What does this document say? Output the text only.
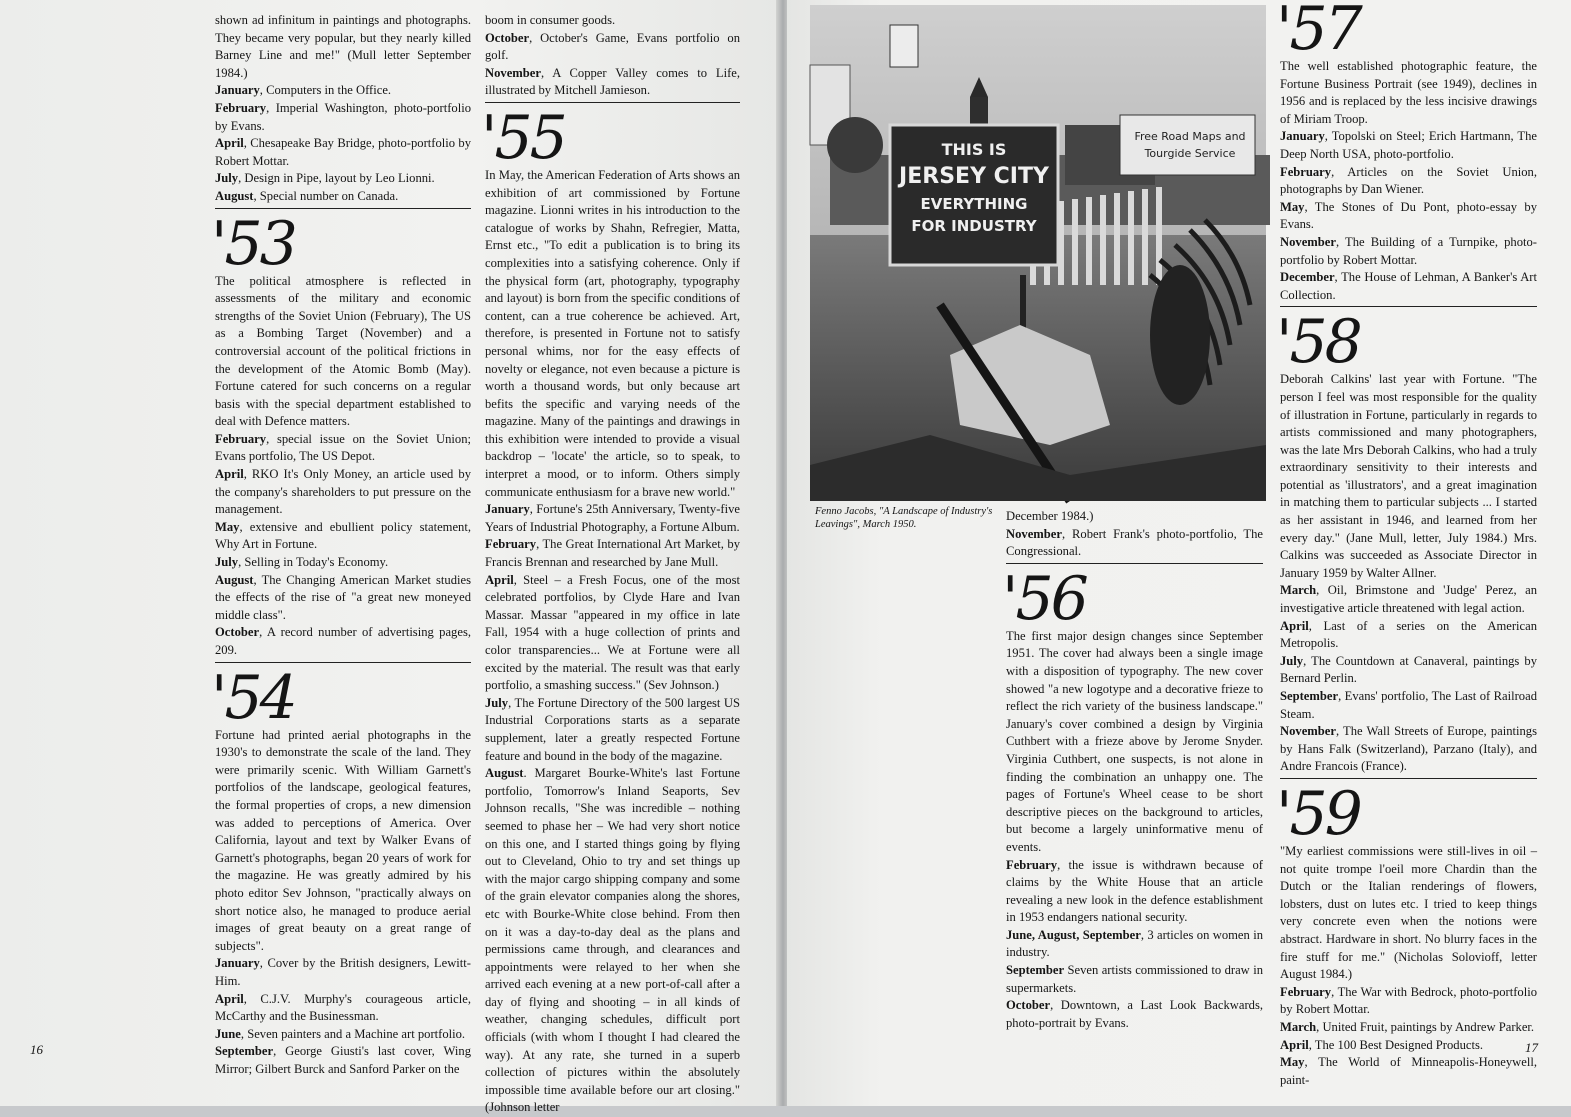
shown ad infinitum in paintings and photographs. They became very popular, but they nearly killed Barney Line and me!" (Mull letter September 1984.)

January, Computers in the Office.

February, Imperial Washington, photo-portfolio by Evans.

April, Chesapeake Bay Bridge, photo-portfolio by Robert Mottar.

July, Design in Pipe, layout by Leo Lionni.

August, Special number on Canada.

'53

The political atmosphere is reflected in assessments of the military and economic strengths of the Soviet Union (February), The US as a Bombing Target (November) and a controversial account of the political frictions in the development of the Atomic Bomb (May). Fortune catered for such concerns on a regular basis with the special department established to deal with Defence matters.

February, special issue on the Soviet Union; Evans portfolio, The US Depot.

April, RKO It's Only Money, an article used by the company's shareholders to put pressure on the management.

May, extensive and ebullient policy statement, Why Art in Fortune.

July, Selling in Today's Economy.

August, The Changing American Market studies the effects of the rise of "a great new moneyed middle class".

October, A record number of advertising pages, 209.

'54

Fortune had printed aerial photographs in the 1930's to demonstrate the scale of the land. They were primarily scenic. With William Garnett's portfolios of the landscape, geological features, the formal properties of crops, a new dimension was added to perceptions of America. Over California, layout and text by Walker Evans of Garnett's photographs, began 20 years of work for the magazine. He was greatly admired by his photo editor Sev Johnson, "practically always on short notice also, he managed to produce aerial images of great beauty on a great range of subjects".

January, Cover by the British designers, Lewitt-Him.

April, C.J.V. Murphy's courageous article, McCarthy and the Businessman.

June, Seven painters and a Machine art portfolio.

September, George Giusti's last cover, Wing Mirror; Gilbert Burck and Sanford Parker on the

boom in consumer goods.

October, October's Game, Evans portfolio on golf.

November, A Copper Valley comes to Life, illustrated by Mitchell Jamieson.

'55

In May, the American Federation of Arts shows an exhibition of art commissioned by Fortune magazine. Lionni writes in his introduction to the catalogue of works by Shahn, Refregier, Matta, Ernst etc., "To edit a publication is to bring its complexities into a satisfying coherence. Only if the physical form (art, photography, typography and layout) is born from the specific conditions of content, can a true coherence be achieved. Art, therefore, is presented in Fortune not to satisfy personal whims, nor for the easy effects of novelty or elegance, not even because a picture is worth a thousand words, but only because art befits the specific and varying needs of the magazine. Many of the paintings and drawings in this exhibition were intended to provide a visual backdrop – 'locate' the article, so to speak, to interpret a mood, or to inform. Others simply communicate enthusiasm for a brave new world."

January, Fortune's 25th Anniversary, Twenty-five Years of Industrial Photography, a Fortune Album.

February, The Great International Art Market, by Francis Brennan and researched by Jane Mull.

April, Steel – a Fresh Focus, one of the most celebrated portfolios, by Clyde Hare and Ivan Massar. Massar "appeared in my office in late Fall, 1954 with a huge collection of prints and color transparencies... We at Fortune were all excited by the material. The result was that early portfolio, a smashing success." (Sev Johnson.)

July, The Fortune Directory of the 500 largest US Industrial Corporations starts as a separate supplement, later a greatly respected Fortune feature and bound in the body of the magazine.

August. Margaret Bourke-White's last Fortune portfolio, Tomorrow's Inland Seaports, Sev Johnson recalls, "She was incredible – nothing seemed to phase her – We had very short notice on this one, and I started things going by flying out to Cleveland, Ohio to try and set things up with the major cargo shipping company and some of the grain elevator companies along the shores, etc with Bourke-White close behind. From then on it was a day-to-day deal as the plans and permissions came through, and clearances and appointments were relayed to her when she arrived each evening at a new port-of-call after a day of flying and shooting – in all kinds of weather, changing schedules, difficult port officials (with whom I thought I had cleared the way). At any rate, she turned in a superb collection of pictures within the absolutely impossible time available before our art closing." (Johnson letter

THIS IS
JERSEY CITY
EVERYTHING
FOR INDUSTRY
Free Road Maps and
Tourgide Service
Fenno Jacobs, "A Landscape of Industry's Leavings", March 1950.

December 1984.)

November, Robert Frank's photo-portfolio, The Congressional.

'56

The first major design changes since September 1951. The cover had always been a single image with a disposition of typography. The new cover showed "a new logotype and a decorative frieze to reflect the rich variety of the business landscape." January's cover combined a design by Virginia Cuthbert with a frieze above by Jerome Snyder. Virginia Cuthbert, one suspects, is not alone in finding the combination an unhappy one. The pages of Fortune's Wheel cease to be short descriptive pieces on the background to articles, but become a largely uninformative menu of events.

February, the issue is withdrawn because of claims by the White House that an article revealing a new look in the defence establishment in 1953 endangers national security.

June, August, September, 3 articles on women in industry.

September Seven artists commissioned to draw in supermarkets.

October, Downtown, a Last Look Backwards, photo-portrait by Evans.

'57

The well established photographic feature, the Fortune Business Portrait (see 1949), declines in 1956 and is replaced by the less incisive drawings of Miriam Troop.

January, Topolski on Steel; Erich Hartmann, The Deep North USA, photo-portfolio.

February, Articles on the Soviet Union, photographs by Dan Wiener.

May, The Stones of Du Pont, photo-essay by Evans.

November, The Building of a Turnpike, photo-portfolio by Robert Mottar.

December, The House of Lehman, A Banker's Art Collection.

'58

Deborah Calkins' last year with Fortune. "The person I feel was most responsible for the quality of illustration in Fortune, particularly in regards to artists commissioned and many photographers, was the late Mrs Deborah Calkins, who had a truly extraordinary sensitivity to their interests and potential as 'illustrators', and a great imagination in matching them to particular subjects ... I started as her assistant in 1946, and learned from her every day." (Jane Mull, letter, July 1984.) Mrs. Calkins was succeeded as Associate Director in January 1959 by Walter Allner.

March, Oil, Brimstone and 'Judge' Perez, an investigative article threatened with legal action.

April, Last of a series on the American Metropolis.

July, The Countdown at Canaveral, paintings by Bernard Perlin.

September, Evans' portfolio, The Last of Railroad Steam.

November, The Wall Streets of Europe, paintings by Hans Falk (Switzerland), Parzano (Italy), and Andre Francois (France).

'59

"My earliest commissions were still-lives in oil – not quite trompe l'oeil more Chardin than the Dutch or the Italian renderings of flowers, lobsters, dust on lutes etc. I tried to keep things very concrete even when the notions were abstract. Hardware in short. No blurry faces in the fire stuff for me." (Nicholas Solovioff, letter August 1984.)

February, The War with Bedrock, photo-portfolio by Robert Mottar.

March, United Fruit, paintings by Andrew Parker.

April, The 100 Best Designed Products.

May, The World of Minneapolis-Honeywell, paint-

16	17
